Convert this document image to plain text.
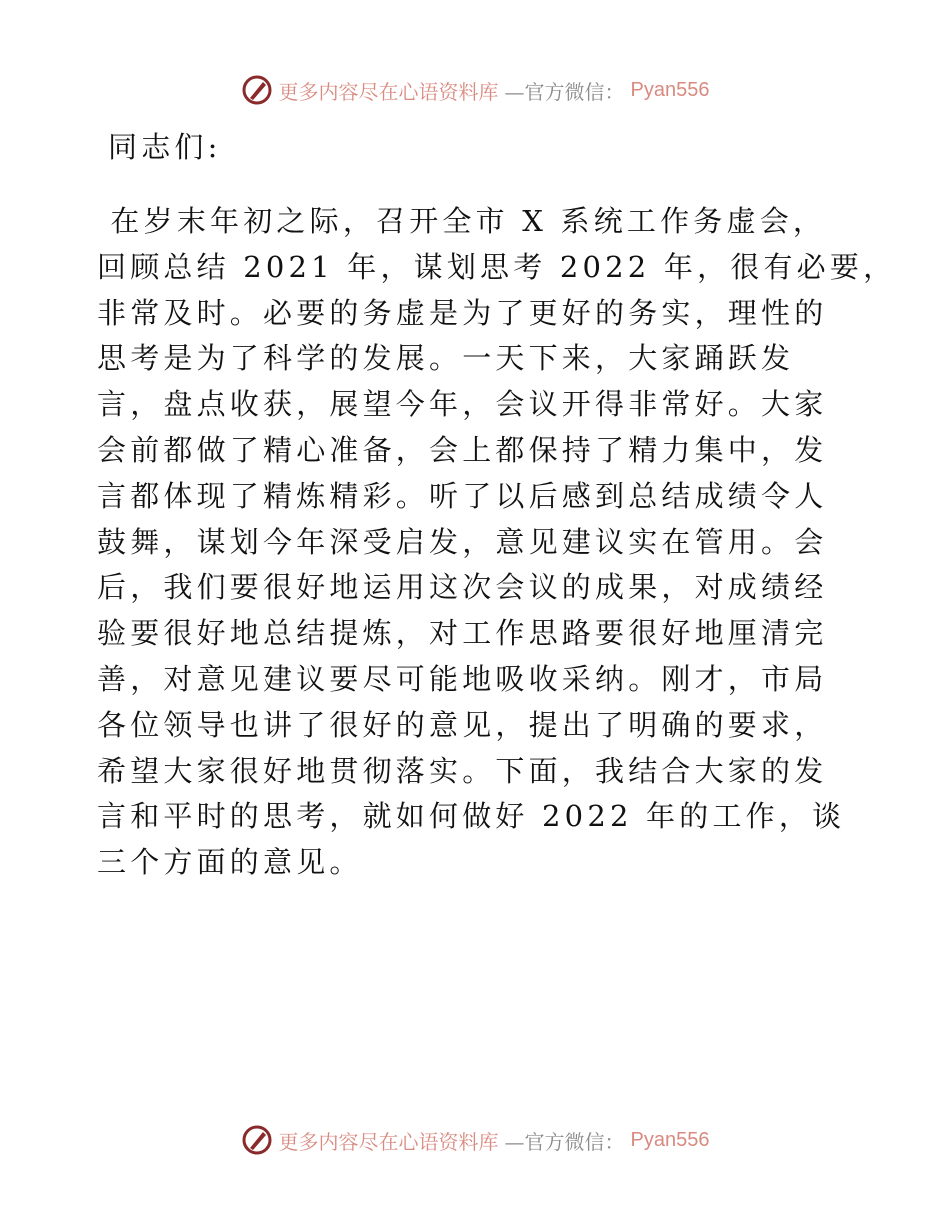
更多内容尽在心语资料库 —官方微信： Pyan556
同志们:
在岁末年初之际，召开全市 X 系统工作务虚会，
回顾总结 2021 年，谋划思考 2022 年，很有必要，
非常及时。必要的务虚是为了更好的务实，理性的
思考是为了科学的发展。一天下来，大家踊跃发
言，盘点收获，展望今年，会议开得非常好。大家
会前都做了精心准备，会上都保持了精力集中，发
言都体现了精炼精彩。听了以后感到总结成绩令人
鼓舞，谋划今年深受启发，意见建议实在管用。会
后，我们要很好地运用这次会议的成果，对成绩经
验要很好地总结提炼，对工作思路要很好地厘清完
善，对意见建议要尽可能地吸收采纳。刚才，市局
各位领导也讲了很好的意见，提出了明确的要求，
希望大家很好地贯彻落实。下面，我结合大家的发
言和平时的思考，就如何做好 2022 年的工作，谈
三个方面的意见。
更多内容尽在心语资料库 —官方微信： Pyan556
